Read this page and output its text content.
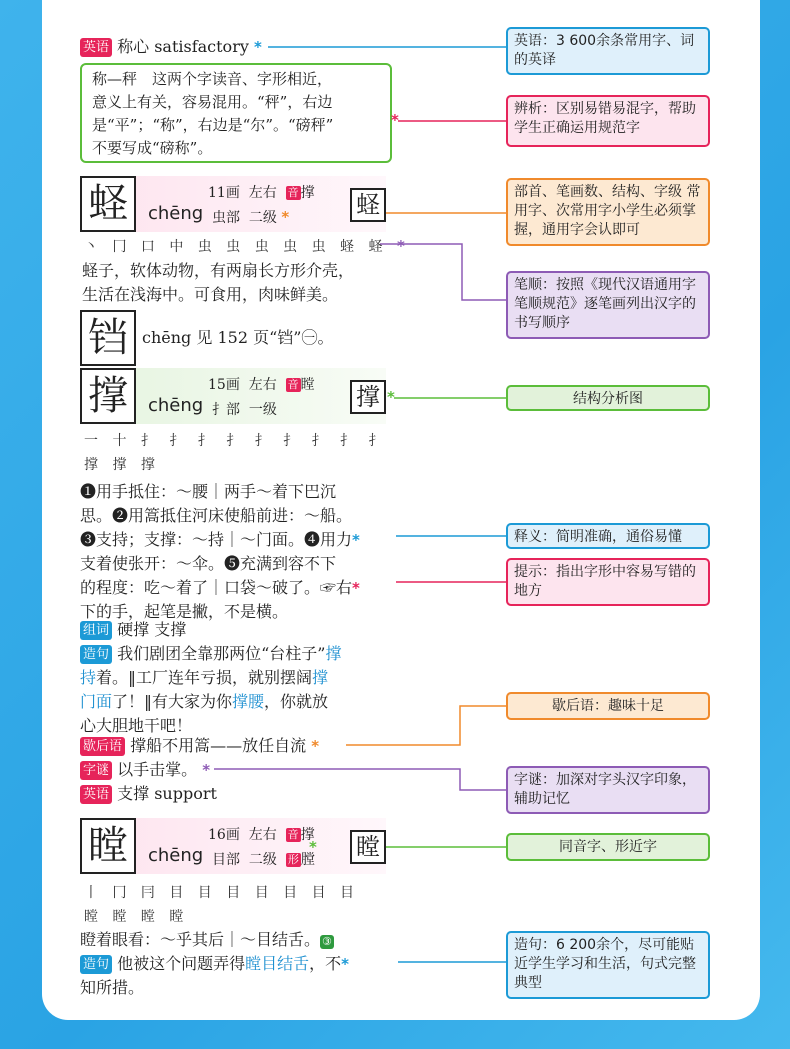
英语 称心 satisfactory *
称—秤　这两个字读音、字形相近，
意义上有关，容易混用。“秤”，右边
是“平”；“称”，右边是“尔”。“磅秤”
不要写成“磅称”。
*
蛏	11画 左右 音 撑
chēng 虫部 二级 *	蛏
丶 冂 口 中 虫 虫 虫 虫 虫 蛏 蛏 *
蛏子，软体动物，有两扇长方形介壳，
生活在浅海中。可食用，肉味鲜美。
铛 chēng 见 152 页“铛”㊀。
撑	15画 左右 音 瞠
chēng 扌部 一级	撑 *
一 十 扌 扌 扌 扌 扌 扌 扌 扌 扌
撑 撑 撑
❶用手抵住：～腰｜两手～着下巴沉
思。❷用篙抵住河床使船前进：～船。
❸支持；支撑：～持｜～门面。❹用力*
支着使张开：～伞。❺充满到容不下
的程度：吃～着了｜口袋～破了。☞右*
下的手，起笔是撇，不是横。
组词 硬撑 支撑
造句 我们剧团全靠那两位“台柱子”撑
持着。‖工厂连年亏损，就别摆阔撑
门面了！‖有大家为你撑腰，你就放
心大胆地干吧！
歇后语 撑船不用篙——放任自流 *
字谜 以手击掌。 *
英语 支撑 support
瞠	16画 左右 音 撑
chēng 目部 二级 形 膛 瞠
*
丨 冂 冃 目 目 目 目 目 目 目
瞠 瞠 瞠 瞠
瞪着眼看：～乎其后｜～目结舌。 ③
造句 他被这个问题弄得瞠目结舌，不*
知所措。
英语：3 600余条常用字、词的英译
辨析：区别易错易混字，帮助学生正确运用规范字
部首、笔画数、结构、字级 常用字、次常用字小学生必须掌握，通用字会认即可
笔顺：按照《现代汉语通用字笔顺规范》逐笔画列出汉字的书写顺序
结构分析图
释义：简明准确，通俗易懂
提示：指出字形中容易写错的地方
歇后语：趣味十足
字谜：加深对字头汉字印象，辅助记忆
同音字、形近字
造句：6 200余个，尽可能贴近学生学习和生活，句式完整典型
